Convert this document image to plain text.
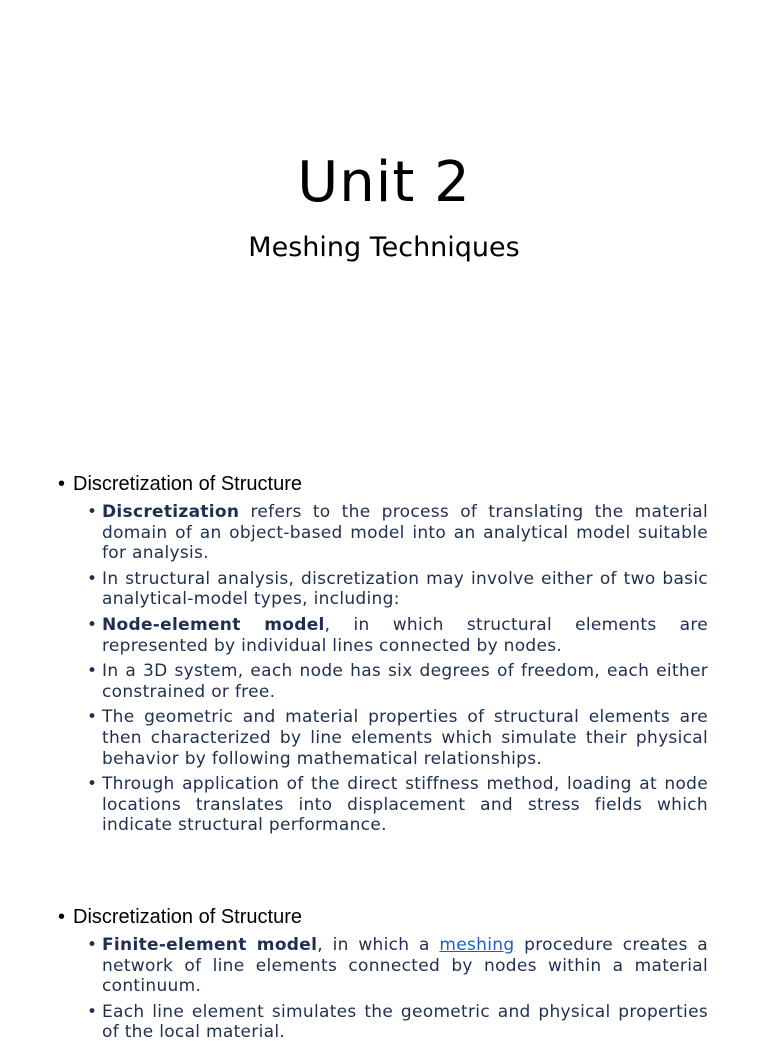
Unit 2
Meshing Techniques
• Discretization of Structure
• Discretization refers to the process of translating the material domain of an object-based model into an analytical model suitable for analysis.
• In structural analysis, discretization may involve either of two basic analytical-model types, including:
• Node-element model, in which structural elements are represented by individual lines connected by nodes.
• In a 3D system, each node has six degrees of freedom, each either constrained or free.
• The geometric and material properties of structural elements are then characterized by line elements which simulate their physical behavior by following mathematical relationships.
• Through application of the direct stiffness method, loading at node locations translates into displacement and stress fields which indicate structural performance.
• Discretization of Structure
• Finite-element model, in which a meshing procedure creates a network of line elements connected by nodes within a material continuum.
• Each line element simulates the geometric and physical properties of the local material.
